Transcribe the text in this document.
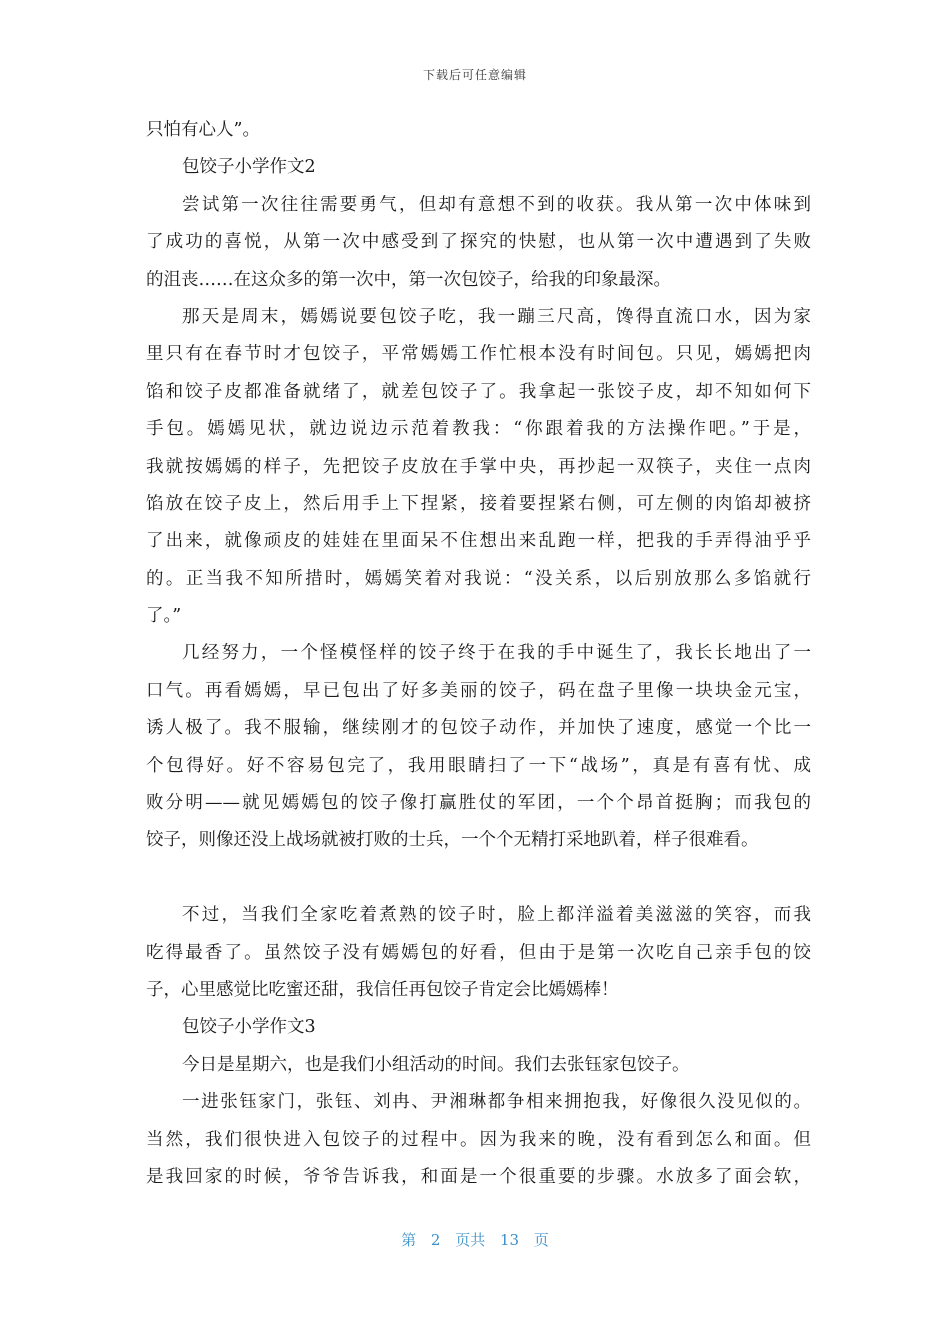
下载后可任意编辑
只怕有心人”。
包饺子小学作文2
尝试第一次往往需要勇气，但却有意想不到的收获。我从第一次中体味到
了成功的喜悦，从第一次中感受到了探究的快慰，也从第一次中遭遇到了失败
的沮丧……在这众多的第一次中，第一次包饺子，给我的印象最深。
那天是周末，嫣嫣说要包饺子吃，我一蹦三尺高，馋得直流口水，因为家
里只有在春节时才包饺子，平常嫣嫣工作忙根本没有时间包。只见，嫣嫣把肉
馅和饺子皮都准备就绪了，就差包饺子了。我拿起一张饺子皮，却不知如何下
手包。嫣嫣见状，就边说边示范着教我：“你跟着我的方法操作吧。”于是，
我就按嫣嫣的样子，先把饺子皮放在手掌中央，再抄起一双筷子，夹住一点肉
馅放在饺子皮上，然后用手上下捏紧，接着要捏紧右侧，可左侧的肉馅却被挤
了出来，就像顽皮的娃娃在里面呆不住想出来乱跑一样，把我的手弄得油乎乎
的。正当我不知所措时，嫣嫣笑着对我说：“没关系，以后别放那么多馅就行
了。”
几经努力，一个怪模怪样的饺子终于在我的手中诞生了，我长长地出了一
口气。再看嫣嫣，早已包出了好多美丽的饺子，码在盘子里像一块块金元宝，
诱人极了。我不服输，继续刚才的包饺子动作，并加快了速度，感觉一个比一
个包得好。好不容易包完了，我用眼睛扫了一下“战场”，真是有喜有忧、成
败分明——就见嫣嫣包的饺子像打赢胜仗的军团，一个个昂首挺胸；而我包的
饺子，则像还没上战场就被打败的士兵，一个个无精打采地趴着，样子很难看。
不过，当我们全家吃着煮熟的饺子时，脸上都洋溢着美滋滋的笑容，而我
吃得最香了。虽然饺子没有嫣嫣包的好看，但由于是第一次吃自己亲手包的饺
子，心里感觉比吃蜜还甜，我信任再包饺子肯定会比嫣嫣棒！
包饺子小学作文3
今日是星期六，也是我们小组活动的时间。我们去张钰家包饺子。
一进张钰家门，张钰、刘冉、尹湘琳都争相来拥抱我，好像很久没见似的。
当然，我们很快进入包饺子的过程中。因为我来的晚，没有看到怎么和面。但
是我回家的时候，爷爷告诉我，和面是一个很重要的步骤。水放多了面会软，
第 2 页共 13 页
